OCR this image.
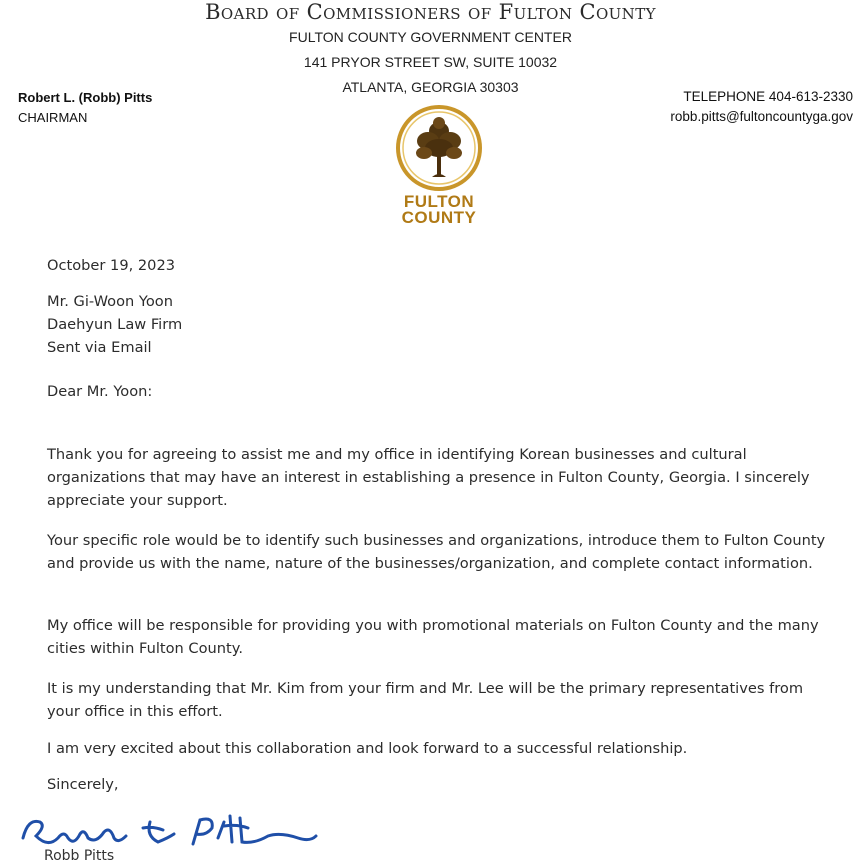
Board of Commissioners of Fulton County
FULTON COUNTY GOVERNMENT CENTER
141 PRYOR STREET SW, SUITE 10032
ATLANTA, GEORGIA 30303
Robert L. (Robb) Pitts
CHAIRMAN
TELEPHONE 404-613-2330
robb.pitts@fultoncountyga.gov
FULTON
COUNTY
October 19, 2023
Mr. Gi-Woon Yoon
Daehyun Law Firm
Sent via Email
Dear Mr. Yoon:
Thank you for agreeing to assist me and my office in identifying Korean businesses and cultural organizations that may have an interest in establishing a presence in Fulton County, Georgia. I sincerely appreciate your support.
Your specific role would be to identify such businesses and organizations, introduce them to Fulton County and provide us with the name, nature of the businesses/organization, and complete contact information.
My office will be responsible for providing you with promotional materials on Fulton County and the many cities within Fulton County.
It is my understanding that Mr. Kim from your firm and Mr. Lee will be the primary representatives from your office in this effort.
I am very excited about this collaboration and look forward to a successful relationship.
Sincerely,
Robb Pitts
